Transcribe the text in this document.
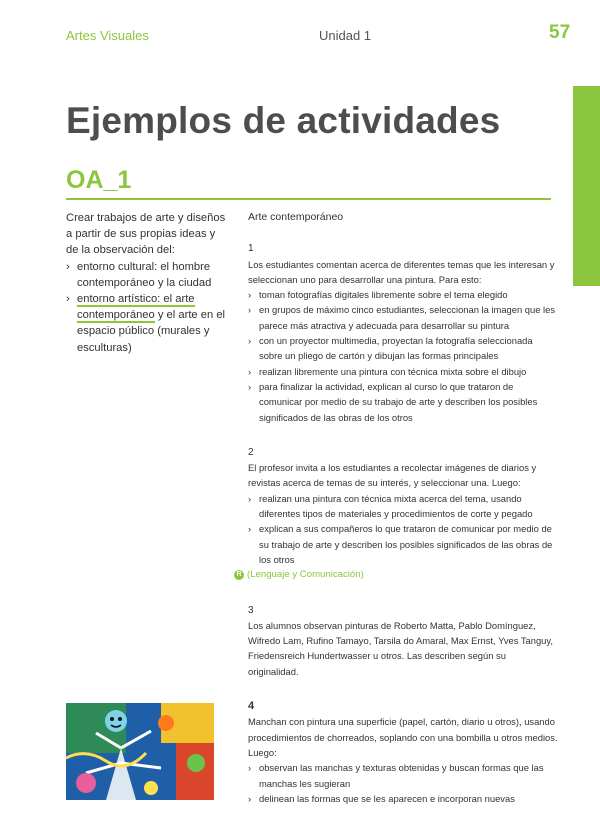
Artes Visuales	Unidad 1	57
Ejemplos de actividades
OA_1

Crear trabajos de arte y diseños a partir de sus propias ideas y de la observación del:

› entorno cultural: el hombre contemporáneo y la ciudad
› entorno artístico: el arte contemporáneo y el arte en el espacio público (murales y esculturas)
Arte contemporáneo
1

Los estudiantes comentan acerca de diferentes temas que les interesan y seleccionan uno para desarrollar una pintura. Para esto:

› toman fotografías digitales libremente sobre el tema elegido
› en grupos de máximo cinco estudiantes, seleccionan la imagen que les parece más atractiva y adecuada para desarrollar su pintura
› con un proyector multimedia, proyectan la fotografía seleccionada sobre un pliego de cartón y dibujan las formas principales
› realizan libremente una pintura con técnica mixta sobre el dibujo
› para finalizar la actividad, explican al curso lo que trataron de comunicar por medio de su trabajo de arte y describen los posibles significados de las obras de los otros
2

El profesor invita a los estudiantes a recolectar imágenes de diarios y revistas acerca de temas de su interés, y seleccionar una. Luego:

› realizan una pintura con técnica mixta acerca del tema, usando diferentes tipos de materiales y procedimientos de corte y pegado
› explican a sus compañeros lo que trataron de comunicar por medio de su trabajo de arte y describen los posibles significados de las obras de los otros
R (Lenguaje y Comunicación)
3

Los alumnos observan pinturas de Roberto Matta, Pablo Domínguez, Wifredo Lam, Rufino Tamayo, Tarsila do Amaral, Max Ernst, Yves Tanguy, Friedensreich Hundertwasser u otros. Las describen según su originalidad.

4

Manchan con pintura una superficie (papel, cartón, diario u otros), usando procedimientos de chorreados, soplando con una bombilla u otros medios. Luego:

› observan las manchas y texturas obtenidas y buscan formas que las manchas les sugieran
› delinean las formas que se les aparecen e incorporan nuevas
